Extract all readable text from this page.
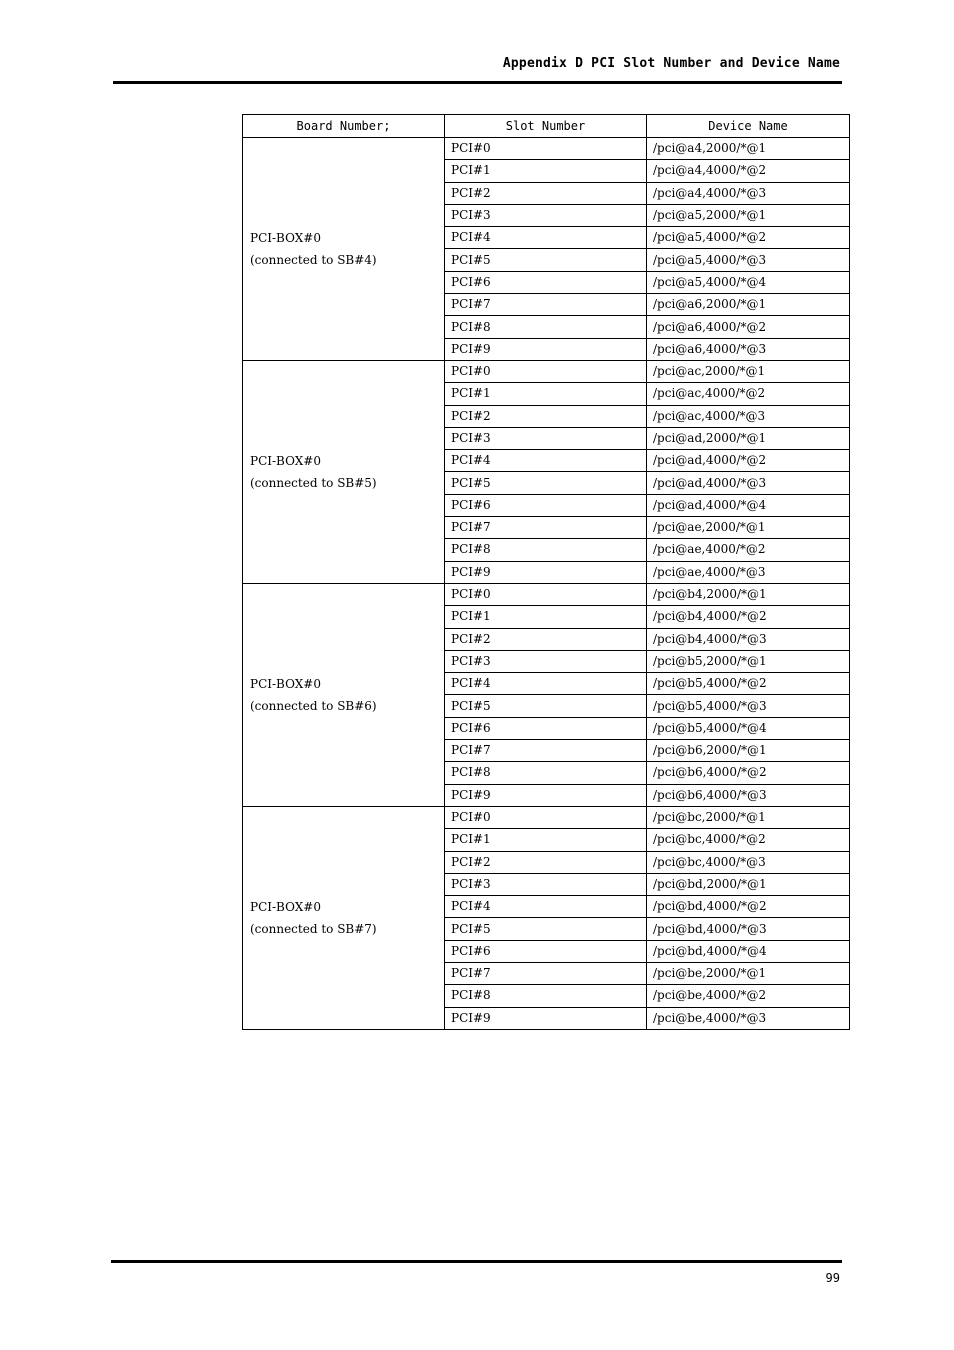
Appendix D PCI Slot Number and Device Name
Board Number;	Slot Number	Device Name

PCI-BOX#0
(connected to SB#4)	PCI#0	/pci@a4,2000/*@1
	PCI#1	/pci@a4,4000/*@2
	PCI#2	/pci@a4,4000/*@3
	PCI#3	/pci@a5,2000/*@1
	PCI#4	/pci@a5,4000/*@2
	PCI#5	/pci@a5,4000/*@3
	PCI#6	/pci@a5,4000/*@4
	PCI#7	/pci@a6,2000/*@1
	PCI#8	/pci@a6,4000/*@2
	PCI#9	/pci@a6,4000/*@3

PCI-BOX#0
(connected to SB#5)	PCI#0	/pci@ac,2000/*@1
	PCI#1	/pci@ac,4000/*@2
	PCI#2	/pci@ac,4000/*@3
	PCI#3	/pci@ad,2000/*@1
	PCI#4	/pci@ad,4000/*@2
	PCI#5	/pci@ad,4000/*@3
	PCI#6	/pci@ad,4000/*@4
	PCI#7	/pci@ae,2000/*@1
	PCI#8	/pci@ae,4000/*@2
	PCI#9	/pci@ae,4000/*@3

PCI-BOX#0
(connected to SB#6)	PCI#0	/pci@b4,2000/*@1
	PCI#1	/pci@b4,4000/*@2
	PCI#2	/pci@b4,4000/*@3
	PCI#3	/pci@b5,2000/*@1
	PCI#4	/pci@b5,4000/*@2
	PCI#5	/pci@b5,4000/*@3
	PCI#6	/pci@b5,4000/*@4
	PCI#7	/pci@b6,2000/*@1
	PCI#8	/pci@b6,4000/*@2
	PCI#9	/pci@b6,4000/*@3

PCI-BOX#0
(connected to SB#7)	PCI#0	/pci@bc,2000/*@1
	PCI#1	/pci@bc,4000/*@2
	PCI#2	/pci@bc,4000/*@3
	PCI#3	/pci@bd,2000/*@1
	PCI#4	/pci@bd,4000/*@2
	PCI#5	/pci@bd,4000/*@3
	PCI#6	/pci@bd,4000/*@4
	PCI#7	/pci@be,2000/*@1
	PCI#8	/pci@be,4000/*@2
	PCI#9	/pci@be,4000/*@3
99
